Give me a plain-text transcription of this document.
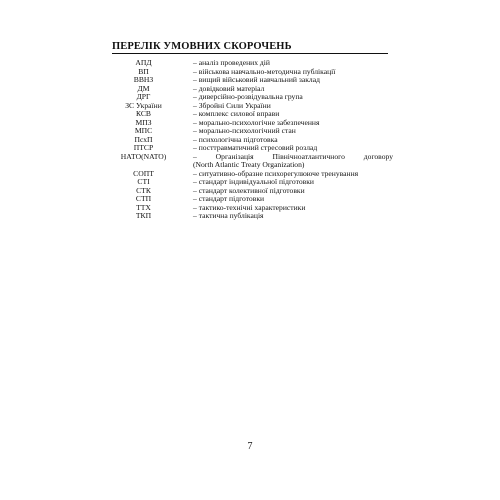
ПЕРЕЛІК УМОВНИХ СКОРОЧЕНЬ
АПД	– аналіз проведених дій
ВП	– військова навчально-методична публікації
ВВНЗ	– вищий військовий навчальний заклад
ДМ	– довідковий матеріал
ДРГ	– диверсійно-розвідувальна група
ЗС України	– Збройні Сили України
КСВ	– комплекс силової вправи
МПЗ	– морально-психологічне забезпечення
МПС	– морально-психологічний стан
ПсхП	– психологічна підготовка
ПТСР	– посттравматичний стресовий розлад
НАТО(NATO)	– Організація Північноатлантичного договору
(North Atlantic Treaty Organization)
СОПТ	– ситуативно-образне психорегулююче тренування
СТІ	– стандарт індивідуальної підготовки
СТК	– стандарт колективної підготовки
СТП	– стандарт підготовки
ТТХ	– тактико-технічні характеристики
ТКП	– тактична публікація
7
